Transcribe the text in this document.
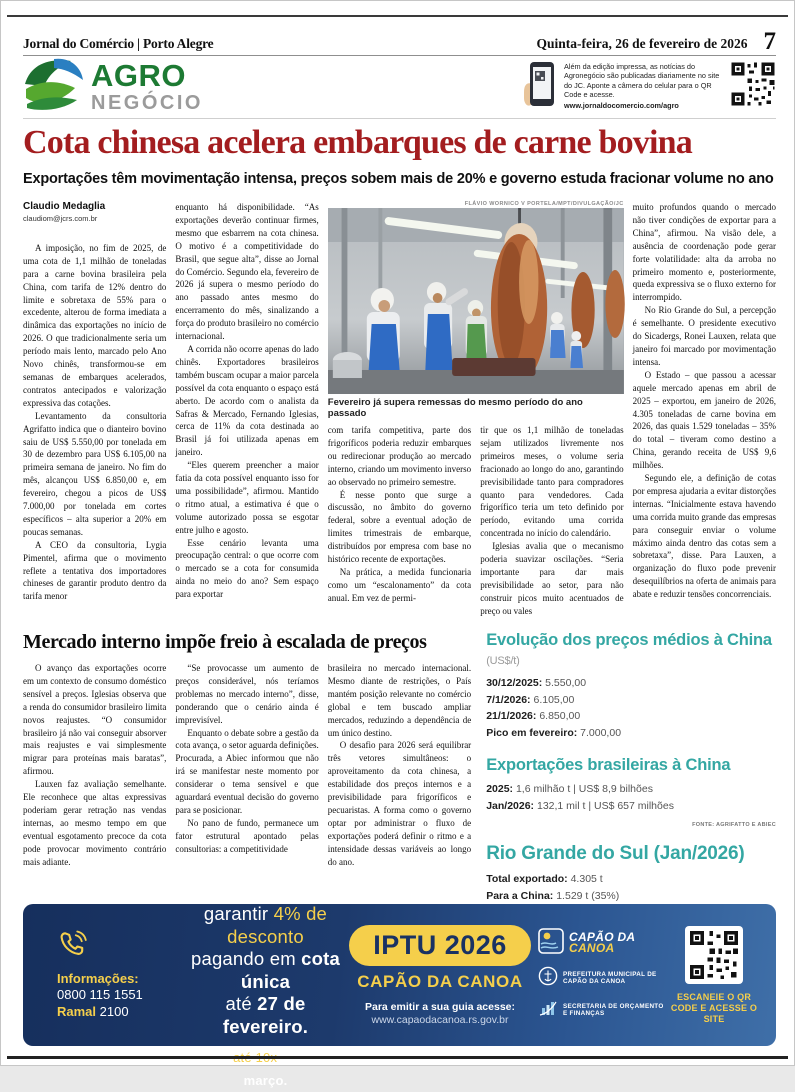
Jornal do Comércio | Porto Alegre	Quinta-feira, 26 de fevereiro de 2026 7
AGRO
NEGÓCIO
Além da edição impressa, as notícias do Agronegócio são publicadas diariamente no site do JC. Aponte a câmera do celular para o QR Code e acesse.
www.jornaldocomercio.com/agro
Cota chinesa acelera embarques de carne bovina
Exportações têm movimentação intensa, preços sobem mais de 20% e governo estuda fracionar volume no ano
Claudio Medaglia
claudiom@jcrs.com.br

A imposição, no fim de 2025, de uma cota de 1,1 milhão de toneladas para a carne bovina brasileira pela China, com tarifa de 12% dentro do limite e sobretaxa de 55% para o excedente, alterou de forma imediata a dinâmica das exportações no início de 2026. O que tradicionalmente seria um período mais lento, marcado pelo Ano Novo chinês, transformou-se em semanas de embarques acelerados, contratos antecipados e valorização expressiva das cotações.

Levantamento da consultoria Agrifatto indica que o dianteiro bovino saiu de US$ 5.550,00 por tonelada em 30 de dezembro para US$ 6.105,00 na primeira semana de janeiro. No fim do mês, alcançou US$ 6.850,00 e, em fevereiro, chegou a picos de US$ 7.000,00 por tonelada em cortes específicos – alta superior a 20% em poucas semanas.

A CEO da consultoria, Lygia Pimentel, afirma que o movimento reflete a tentativa dos importadores chineses de garantir produto dentro da tarifa menor

enquanto há disponibilidade. “As exportações deverão continuar firmes, mesmo que esbarrem na cota chinesa. O motivo é a competitividade do Brasil, que segue alta”, disse ao Jornal do Comércio. Segundo ela, fevereiro de 2026 já supera o mesmo período do ano passado antes mesmo do encerramento do mês, sinalizando a força do produto brasileiro no comércio internacional.

A corrida não ocorre apenas do lado chinês. Exportadores brasileiros também buscam ocupar a maior parcela possível da cota enquanto o espaço está aberto. De acordo com o analista da Safras & Mercado, Fernando Iglesias, cerca de 11% da cota destinada ao Brasil já foi utilizada apenas em janeiro.

“Eles querem preencher a maior fatia da cota possível enquanto isso for uma possibilidade”, afirmou. Mantido o ritmo atual, a estimativa é que o volume autorizado possa se esgotar entre julho e agosto.

Esse cenário levanta uma preocupação central: o que ocorre com o mercado se a cota for consumida ainda no meio do ano? Sem espaço para exportar

FLÁVIO WORNICO V PORTELA/MPT/DIVULGAÇÃO/JC
Fevereiro já supera remessas do mesmo período do ano passado

com tarifa competitiva, parte dos frigoríficos poderia reduzir embarques ou redirecionar produção ao mercado interno, criando um movimento inverso ao observado no primeiro semestre.

É nesse ponto que surge a discussão, no âmbito do governo federal, sobre a eventual adoção de limites trimestrais de embarque, distribuídos por empresa com base no histórico recente de exportações.

Na prática, a medida funcionaria como um “escalonamento” da cota anual. Em vez de permi-

tir que os 1,1 milhão de toneladas sejam utilizados livremente nos primeiros meses, o volume seria fracionado ao longo do ano, garantindo previsibilidade tanto para compradores quanto para vendedores. Cada frigorífico teria um teto definido por período, evitando uma corrida concentrada no início do calendário.

Iglesias avalia que o mecanismo poderia suavizar oscilações. “Seria importante para dar mais previsibilidade ao setor, para não construir picos muito acentuados de preço ou vales

muito profundos quando o mercado não tiver condições de exportar para a China”, afirmou. Na visão dele, a ausência de coordenação pode gerar forte volatilidade: alta da arroba no primeiro momento e, posteriormente, queda expressiva se o fluxo externo for interrompido.

No Rio Grande do Sul, a percepção é semelhante. O presidente executivo do Sicadergs, Ronei Lauxen, relata que janeiro foi marcado por movimentação intensa.

O Estado – que passou a acessar aquele mercado apenas em abril de 2025 – exportou, em janeiro de 2026, 4.305 toneladas de carne bovina em 2026, das quais 1.529 toneladas – 35% do total – tiveram como destino a China, gerando receita de US$ 9,6 milhões.

Segundo ele, a definição de cotas por empresa ajudaria a evitar distorções internas. “Inicialmente estava havendo uma corrida muito grande das empresas para conseguir enviar o volume máximo ainda dentro das cotas sem a sobretaxa”, disse. Para Lauxen, a organização do fluxo pode prevenir desequilíbrios na oferta de animais para abate e reduzir tensões concorrenciais.

Mercado interno impõe freio à escalada de preços

O avanço das exportações ocorre em um contexto de consumo doméstico sensível a preços. Iglesias observa que a renda do consumidor brasileiro limita novos reajustes. “O consumidor brasileiro já não vai conseguir absorver mais reajustes e vai simplesmente migrar para proteínas mais baratas”, afirmou.

Lauxen faz avaliação semelhante. Ele reconhece que altas expressivas poderiam gerar retração nas vendas internas, ao mesmo tempo em que eventual esgotamento precoce da cota pode provocar movimento contrário mais adiante.

“Se provocasse um aumento de preços considerável, nós teríamos problemas no mercado interno”, disse, ponderando que o cenário ainda é imprevisível.

Enquanto o debate sobre a gestão da cota avança, o setor aguarda definições. Procurada, a Abiec informou que não irá se manifestar neste momento por considerar o tema sensível e que aguardará eventual decisão do governo para se posicionar.

No pano de fundo, permanece um fator estrutural apontado pelas consultorias: a competitividade

brasileira no mercado internacional. Mesmo diante de restrições, o País mantém posição relevante no comércio global e tem buscado ampliar mercados, reduzindo a dependência de um único destino.

O desafio para 2026 será equilibrar três vetores simultâneos: o aproveitamento da cota chinesa, a estabilidade dos preços internos e a previsibilidade para frigoríficos e pecuaristas. A forma como o governo optar por administrar o fluxo de exportações poderá definir o ritmo e a intensidade dessas variáveis ao longo do ano.

Evolução dos preços médios à China (US$/t)
30/12/2025: 5.550,00
7/1/2026: 6.105,00
21/1/2026: 6.850,00
Pico em fevereiro: 7.000,00
Exportações brasileiras à China
2025: 1,6 milhão t | US$ 8,9 bilhões
Jan/2026: 132,1 mil t | US$ 657 milhões
FONTE: AGRIFATTO E ABIEC
Rio Grande do Sul (Jan/2026)
Total exportado: 4.305 t
Para a China: 1.529 t (35%)
Informações:
0800 115 1551
Ramal 2100
Ainda dá tempo de
garantir 4% de desconto
pagando em cota única
até 27 de fevereiro.
março.
IPTU 2026
CAPÃO DA CANOA
Para emitir a sua guia acesse:
www.capaodacanoa.rs.gov.br
CAPÃO DA
CANOA
PREFEITURA MUNICIPAL DE CAPÃO DA CANOA
SECRETARIA DE ORÇAMENTO E FINANÇAS
ESCANEIE O QR CODE E ACESSE O SITE
